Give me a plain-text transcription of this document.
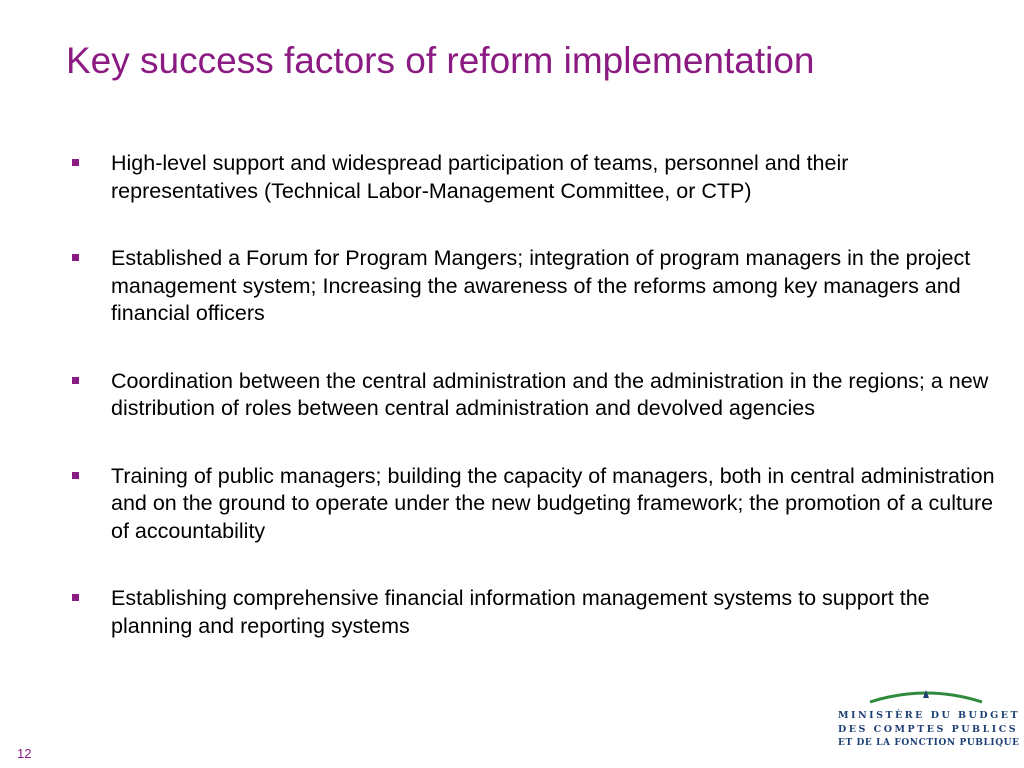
Key success factors of reform implementation
High-level support and widespread participation of teams, personnel and their representatives (Technical Labor-Management Committee, or CTP)
Established a Forum for Program Mangers; integration of program managers in the project management system; Increasing the awareness of the reforms among key managers and financial officers
Coordination between the central administration and the administration in the regions; a new distribution of roles between central administration and devolved agencies
Training of public managers; building the capacity of managers, both in central administration and on the ground to operate under the new budgeting framework; the promotion of a culture of accountability
Establishing comprehensive financial information management systems to support the planning and reporting systems
12
MINISTÈRE DU BUDGET
DES COMPTES PUBLICS
ET DE LA FONCTION PUBLIQUE
